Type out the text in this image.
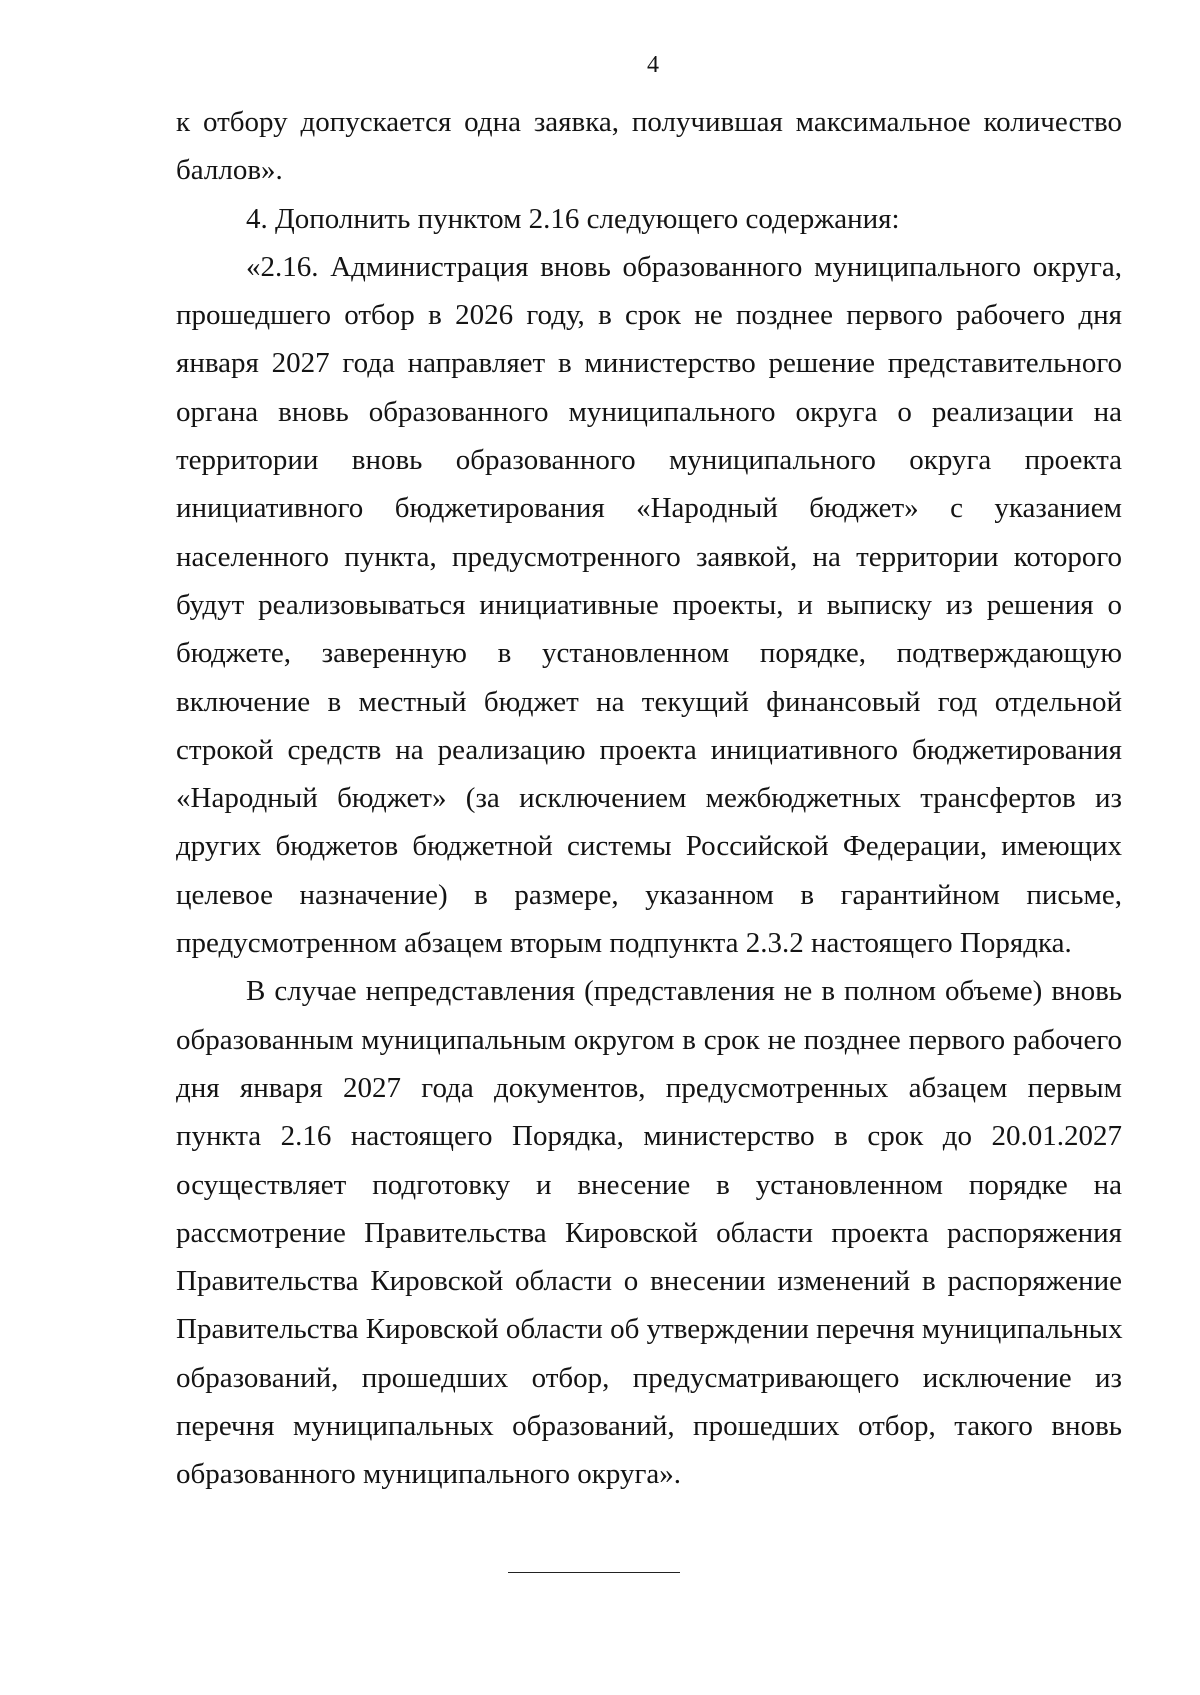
4
к отбору допускается одна заявка, получившая максимальное количество
баллов».
4. Дополнить пунктом 2.16 следующего содержания:
«2.16. Администрация вновь образованного муниципального округа,
прошедшего отбор в 2026 году, в срок не позднее первого рабочего дня
января 2027 года направляет в министерство решение представительного
органа вновь образованного муниципального округа о реализации на
территории вновь образованного муниципального округа проекта
инициативного бюджетирования «Народный бюджет» с указанием
населенного пункта, предусмотренного заявкой, на территории которого
будут реализовываться инициативные проекты, и выписку из решения о
бюджете, заверенную в установленном порядке, подтверждающую
включение в местный бюджет на текущий финансовый год отдельной
строкой средств на реализацию проекта инициативного бюджетирования
«Народный бюджет» (за исключением межбюджетных трансфертов из
других бюджетов бюджетной системы Российской Федерации, имеющих
целевое назначение) в размере, указанном в гарантийном письме,
предусмотренном абзацем вторым подпункта 2.3.2 настоящего Порядка.
В случае непредставления (представления не в полном объеме) вновь
образованным муниципальным округом в срок не позднее первого рабочего
дня января 2027 года документов, предусмотренных абзацем первым
пункта 2.16 настоящего Порядка, министерство в срок до 20.01.2027
осуществляет подготовку и внесение в установленном порядке на
рассмотрение Правительства Кировской области проекта распоряжения
Правительства Кировской области о внесении изменений в распоряжение
Правительства Кировской области об утверждении перечня муниципальных
образований, прошедших отбор, предусматривающего исключение из
перечня муниципальных образований, прошедших отбор, такого вновь
образованного муниципального округа».
